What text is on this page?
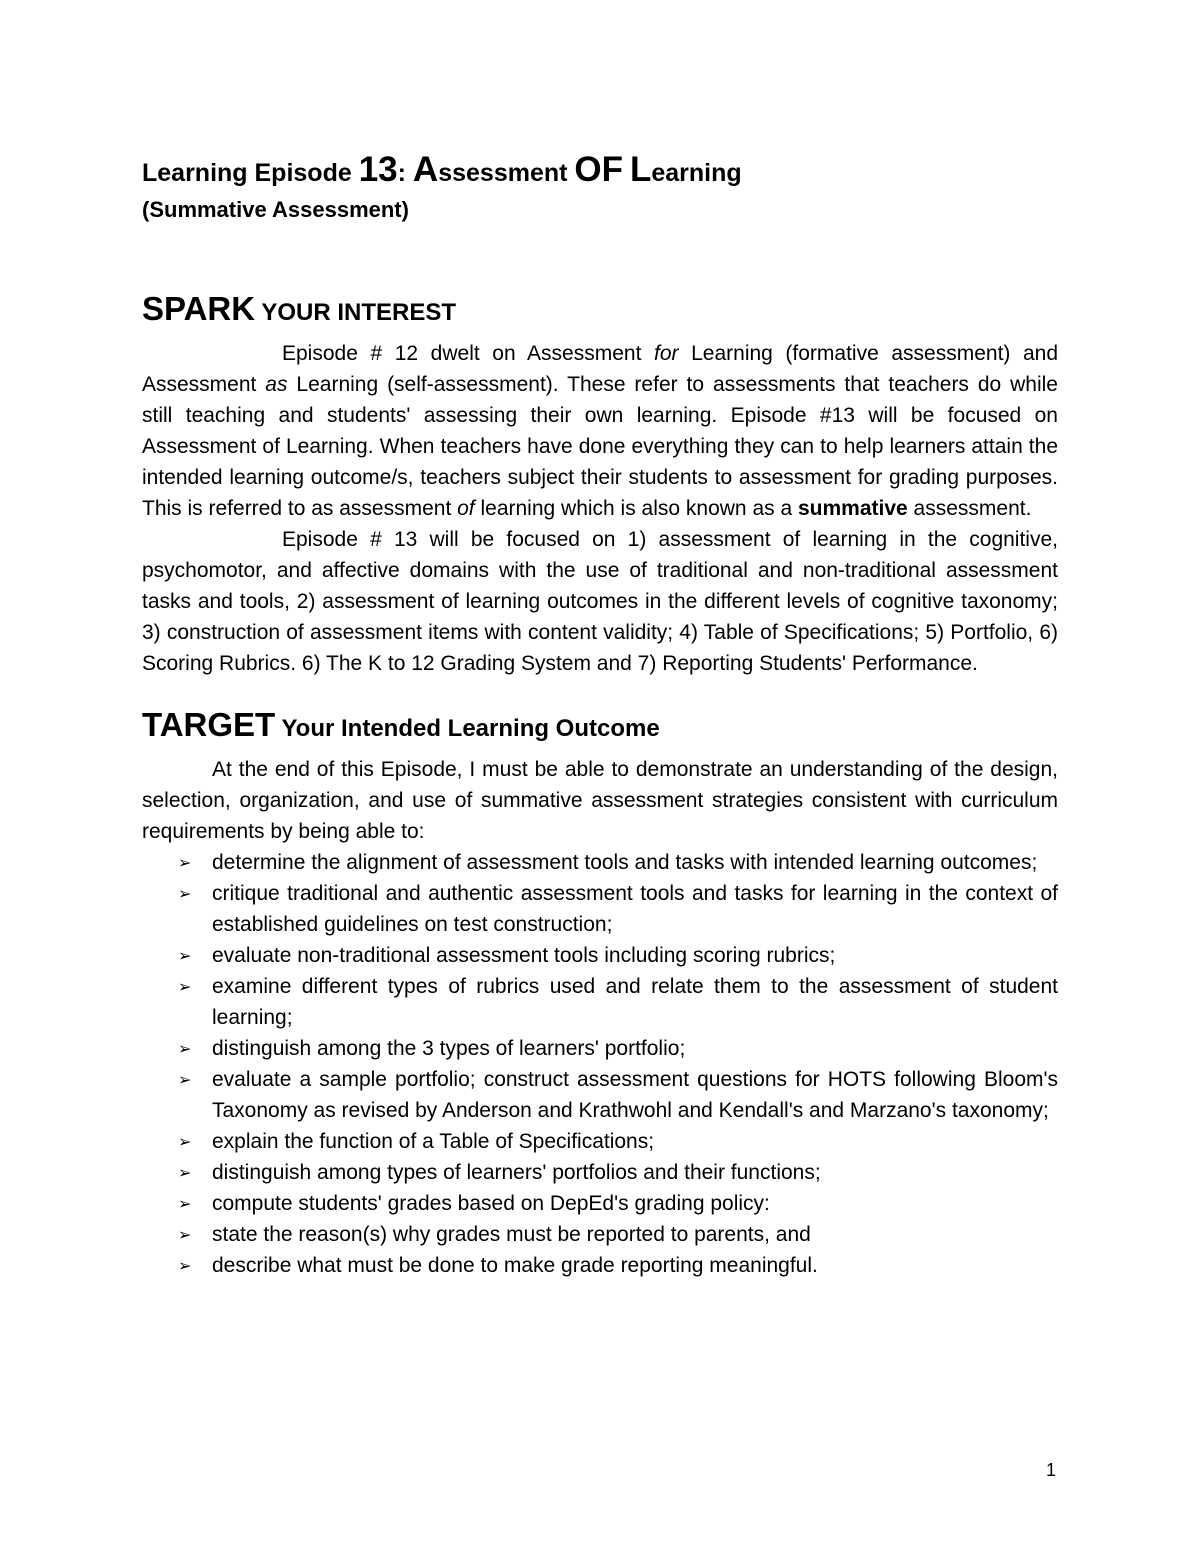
Learning Episode 13: Assessment OF Learning
(Summative Assessment)
SPARK YOUR INTEREST

Episode # 12 dwelt on Assessment for Learning (formative assessment) and Assessment as Learning (self-assessment). These refer to assessments that teachers do while still teaching and students' assessing their own learning. Episode #13 will be focused on Assessment of Learning. When teachers have done everything they can to help learners attain the intended learning outcome/s, teachers subject their students to assessment for grading purposes. This is referred to as assessment of learning which is also known as a summative assessment.

Episode # 13 will be focused on 1) assessment of learning in the cognitive, psychomotor, and affective domains with the use of traditional and non-traditional assessment tasks and tools, 2) assessment of learning outcomes in the different levels of cognitive taxonomy; 3) construction of assessment items with content validity; 4) Table of Specifications; 5) Portfolio, 6) Scoring Rubrics. 6) The K to 12 Grading System and 7) Reporting Students' Performance.

TARGET Your Intended Learning Outcome

At the end of this Episode, I must be able to demonstrate an understanding of the design, selection, organization, and use of summative assessment strategies consistent with curriculum requirements by being able to:

➢ determine the alignment of assessment tools and tasks with intended learning outcomes;
➢ critique traditional and authentic assessment tools and tasks for learning in the context of established guidelines on test construction;
➢ evaluate non-traditional assessment tools including scoring rubrics;
➢ examine different types of rubrics used and relate them to the assessment of student learning;
➢ distinguish among the 3 types of learners' portfolio;
➢ evaluate a sample portfolio; construct assessment questions for HOTS following Bloom's Taxonomy as revised by Anderson and Krathwohl and Kendall's and Marzano's taxonomy;
➢ explain the function of a Table of Specifications;
➢ distinguish among types of learners' portfolios and their functions;
➢ compute students' grades based on DepEd's grading policy:
➢ state the reason(s) why grades must be reported to parents, and
➢ describe what must be done to make grade reporting meaningful.
1
